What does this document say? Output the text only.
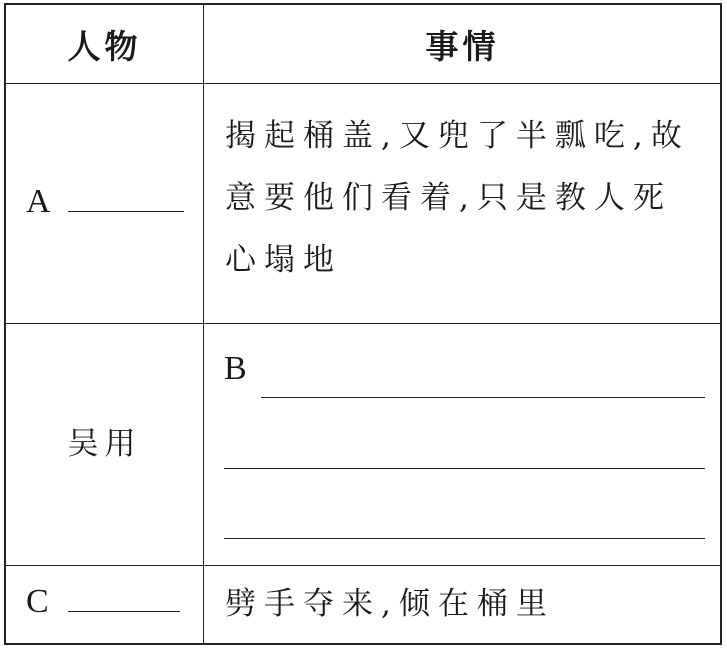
人物	事情
A
揭起桶盖,又兜了半瓢吃,故
意要他们看着,只是教人死
心塌地
吴用
B
C	劈手夺来,倾在桶里
